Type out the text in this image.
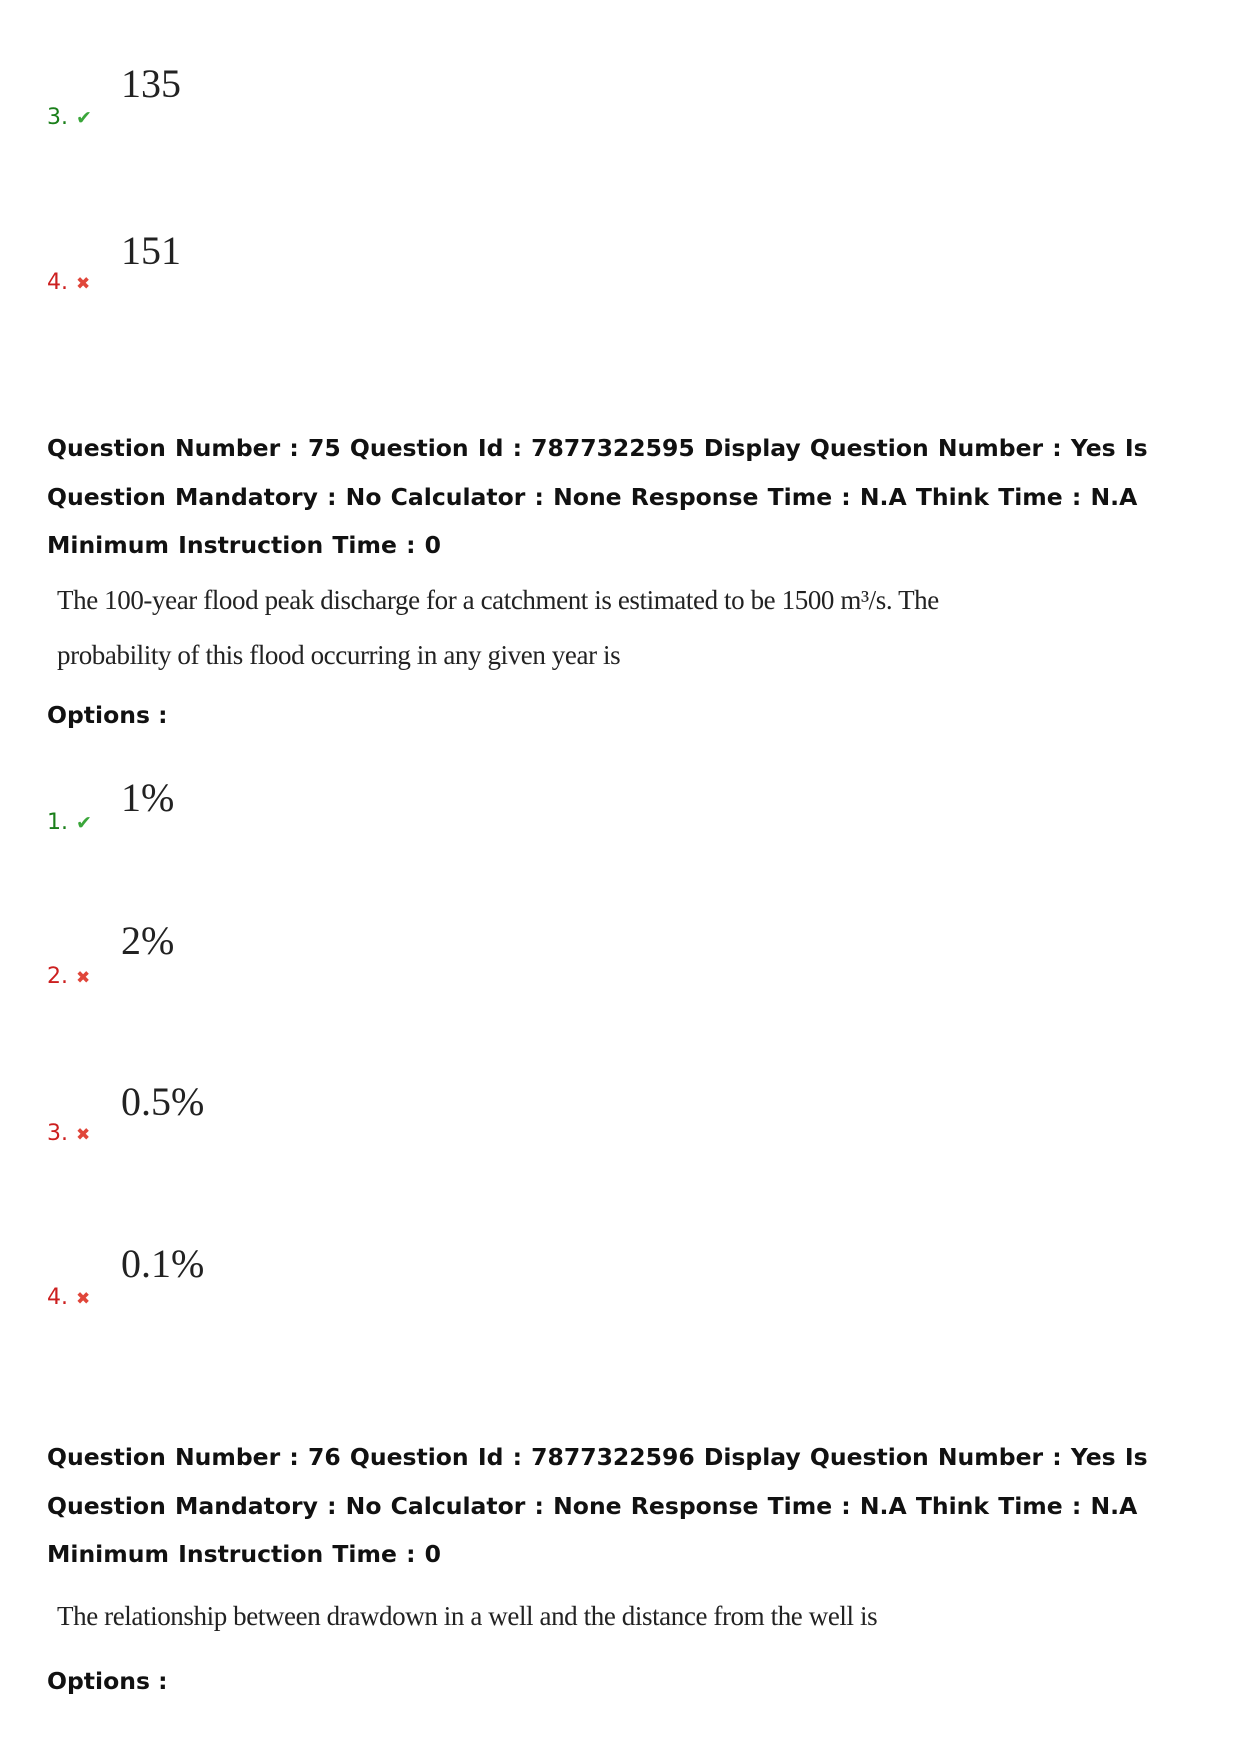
3. ✔
135
4. ✖
151
Question Number : 75 Question Id : 7877322595 Display Question Number : Yes Is Question Mandatory : No Calculator : None Response Time : N.A Think Time : N.A Minimum Instruction Time : 0
The 100-year flood peak discharge for a catchment is estimated to be 1500 m³/s. The
probability of this flood occurring in any given year is
Options :
1. ✔
1%
2. ✖
2%
3. ✖
0.5%
4. ✖
0.1%
Question Number : 76 Question Id : 7877322596 Display Question Number : Yes Is Question Mandatory : No Calculator : None Response Time : N.A Think Time : N.A Minimum Instruction Time : 0
The relationship between drawdown in a well and the distance from the well is
Options :
